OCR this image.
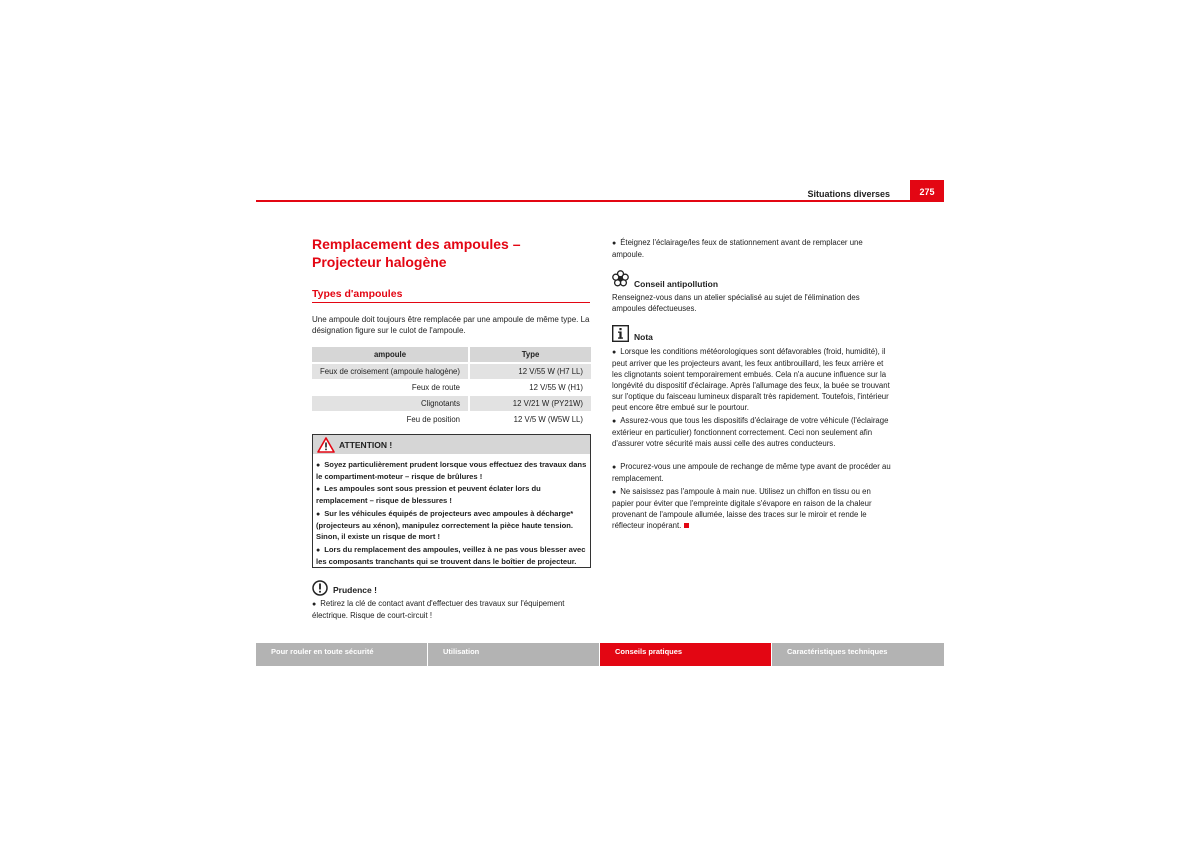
Situations diverses	275
Remplacement des ampoules – Projecteur halogène
Types d'ampoules
Une ampoule doit toujours être remplacée par une ampoule de même type. La désignation figure sur le culot de l'ampoule.
ampoule	Type
Feux de croisement (ampoule halogène)	12 V/55 W (H7 LL)
Feux de route	12 V/55 W (H1)
Clignotants	12 V/21 W (PY21W)
Feu de position	12 V/5 W (W5W LL)
ATTENTION !
● Soyez particulièrement prudent lorsque vous effectuez des travaux dans le compartiment-moteur – risque de brûlures !
● Les ampoules sont sous pression et peuvent éclater lors du remplacement – risque de blessures !
● Sur les véhicules équipés de projecteurs avec ampoules à décharge* (projecteurs au xénon), manipulez correctement la pièce haute tension. Sinon, il existe un risque de mort !
● Lors du remplacement des ampoules, veillez à ne pas vous blesser avec les composants tranchants qui se trouvent dans le boîtier de projecteur.
Prudence !
● Retirez la clé de contact avant d'effectuer des travaux sur l'équipement électrique. Risque de court-circuit !
● Éteignez l'éclairage/les feux de stationnement avant de remplacer une ampoule.
Conseil antipollution
Renseignez-vous dans un atelier spécialisé au sujet de l'élimination des ampoules défectueuses.
Nota
● Lorsque les conditions météorologiques sont défavorables (froid, humidité), il peut arriver que les projecteurs avant, les feux antibrouillard, les feux arrière et les clignotants soient temporairement embués. Cela n'a aucune influence sur la longévité du dispositif d'éclairage. Après l'allumage des feux, la buée se trouvant sur l'optique du faisceau lumineux disparaît très rapidement. Toutefois, l'intérieur peut encore être embué sur le pourtour.
● Assurez-vous que tous les dispositifs d'éclairage de votre véhicule (l'éclairage extérieur en particulier) fonctionnent correctement. Ceci non seulement afin d'assurer votre sécurité mais aussi celle des autres conducteurs.
● Procurez-vous une ampoule de rechange de même type avant de procéder au remplacement.
● Ne saisissez pas l'ampoule à main nue. Utilisez un chiffon en tissu ou en papier pour éviter que l'empreinte digitale s'évapore en raison de la chaleur provenant de l'ampoule allumée, laisse des traces sur le miroir et rende le réflecteur inopérant.
Pour rouler en toute sécurité	Utilisation	Conseils pratiques	Caractéristiques techniques
